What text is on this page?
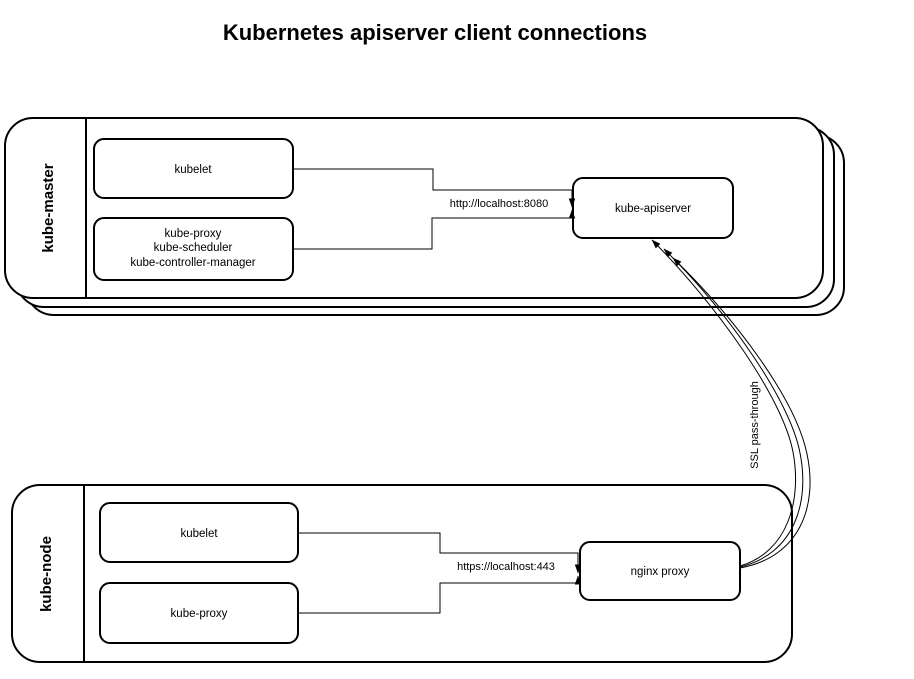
Kubernetes apiserver client connections
kube-master	kubelet
kube-proxy
kube-scheduler
kube-controller-manager
kube-apiserver
http://localhost:8080
kube-node
kubelet
kube-proxy
nginx proxy
https://localhost:443
SSL pass-through
